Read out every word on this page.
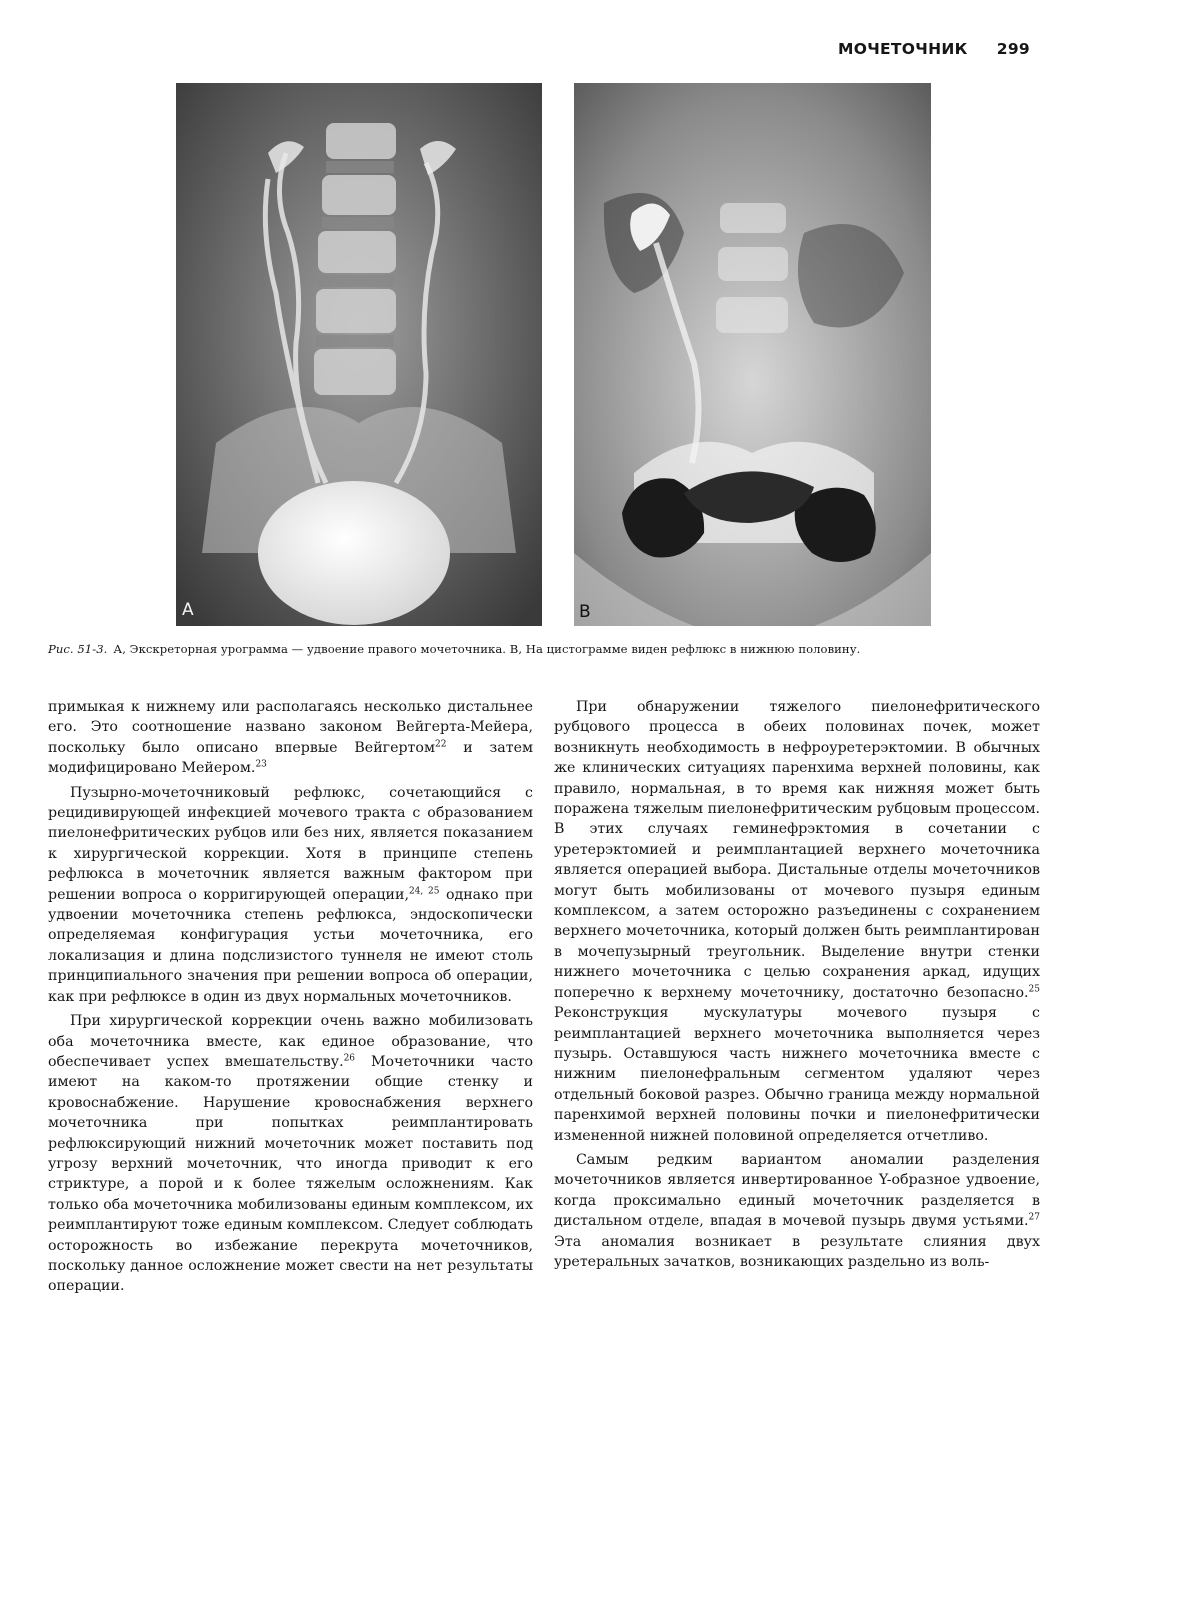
МОЧЕТОЧНИК 299
A	B
Рис. 51-3. А, Экскреторная урограмма — удвоение правого мочеточника. В, На цистограмме виден рефлюкс в нижнюю половину.

примыкая к нижнему или располагаясь несколько дистальнее его. Это соотношение названо законом Вейгерта-Мейера, поскольку было описано впервые Вейгертом$^{22}$ и затем модифицировано Мейером.$^{23}$

Пузырно-мочеточниковый рефлюкс, сочетающийся с рецидивирующей инфекцией мочевого тракта с образованием пиелонефритических рубцов или без них, является показанием к хирургической коррекции. Хотя в принципе степень рефлюкса в мочеточник является важным фактором при решении вопроса о корригирующей операции,$^{24, 25}$ однако при удвоении мочеточника степень рефлюкса, эндоскопически определяемая конфигурация устьи мочеточника, его локализация и длина подслизистого туннеля не имеют столь принципиального значения при решении вопроса об операции, как при рефлюксе в один из двух нормальных мочеточников.

При хирургической коррекции очень важно мобилизовать оба мочеточника вместе, как единое образование, что обеспечивает успех вмешательству.$^{26}$ Мочеточники часто имеют на каком-то протяжении общие стенку и кровоснабжение. Нарушение кровоснабжения верхнего мочеточника при попытках реимплантировать рефлюксирующий нижний мочеточник может поставить под угрозу верхний мочеточник, что иногда приводит к его стриктуре, а порой и к более тяжелым осложнениям. Как только оба мочеточника мобилизованы единым комплексом, их реимплантируют тоже единым комплексом. Следует соблюдать осторожность во избежание перекрута мочеточников, поскольку данное осложнение может свести на нет результаты операции.

При обнаружении тяжелого пиелонефритического рубцового процесса в обеих половинах почек, может возникнуть необходимость в нефроуретерэктомии. В обычных же клинических ситуациях паренхима верхней половины, как правило, нормальная, в то время как нижняя может быть поражена тяжелым пиелонефритическим рубцовым процессом. В этих случаях геминефрэктомия в сочетании с уретерэктомией и реимплантацией верхнего мочеточника является операцией выбора. Дистальные отделы мочеточников могут быть мобилизованы от мочевого пузыря единым комплексом, а затем осторожно разъединены с сохранением верхнего мочеточника, который должен быть реимплантирован в мочепузырный треугольник. Выделение внутри стенки нижнего мочеточника с целью сохранения аркад, идущих поперечно к верхнему мочеточнику, достаточно безопасно.$^{25}$ Реконструкция мускулатуры мочевого пузыря с реимплантацией верхнего мочеточника выполняется через пузырь. Оставшуюся часть нижнего мочеточника вместе с нижним пиелонефральным сегментом удаляют через отдельный боковой разрез. Обычно граница между нормальной паренхимой верхней половины почки и пиелонефритически измененной нижней половиной определяется отчетливо.

Самым редким вариантом аномалии разделения мочеточников является инвертированное Y-образное удвоение, когда проксимально единый мочеточник разделяется в дистальном отделе, впадая в мочевой пузырь двумя устьями.$^{27}$ Эта аномалия возникает в результате слияния двух уретеральных зачатков, возникающих раздельно из воль-
